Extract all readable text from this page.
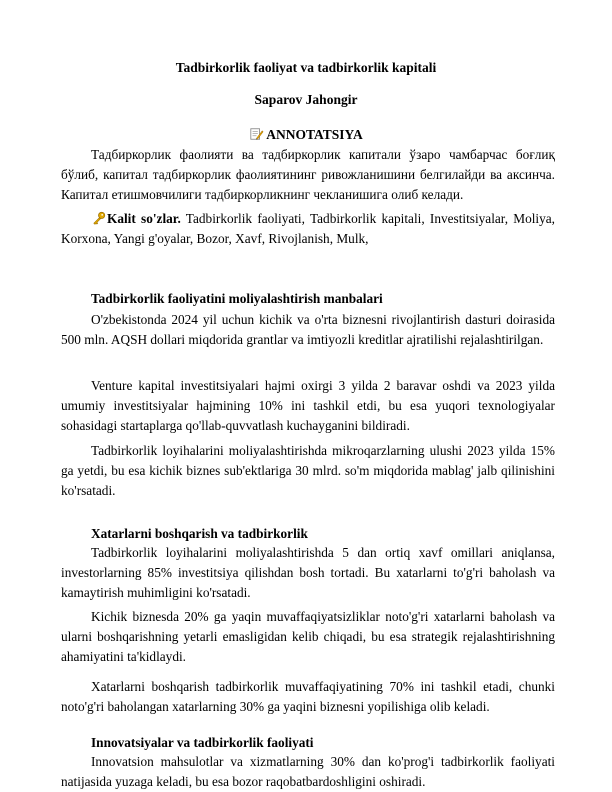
Tadbirkorlik faoliyat va tadbirkorlik kapitali
Saparov Jahongir
ANNOTATSIYA

Тадбиркорлик фаолияти ва тадбиркорлик капитали ўзаро чамбарчас боғлиқ бўлиб, капитал тадбиркорлик фаолиятининг ривожланишини белгилайди ва аксинча. Капитал етишмовчилиги тадбиркорликнинг чекланишига олиб келади.

Kalit so'zlar. Tadbirkorlik faoliyati, Tadbirkorlik kapitali, Investitsiyalar, Moliya, Korxona, Yangi g'oyalar, Bozor, Xavf, Rivojlanish, Mulk,

Tadbirkorlik faoliyatini moliyalashtirish manbalari

O'zbekistonda 2024 yil uchun kichik va o'rta biznesni rivojlantirish dasturi doirasida 500 mln. AQSH dollari miqdorida grantlar va imtiyozli kreditlar ajratilishi rejalashtirilgan.

Venture kapital investitsiyalari hajmi oxirgi 3 yilda 2 baravar oshdi va 2023 yilda umumiy investitsiyalar hajmining 10% ini tashkil etdi, bu esa yuqori texnologiyalar sohasidagi startaplarga qo'llab-quvvatlash kuchayganini bildiradi.

Tadbirkorlik loyihalarini moliyalashtirishda mikroqarzlarning ulushi 2023 yilda 15% ga yetdi, bu esa kichik biznes sub'ektlariga 30 mlrd. so'm miqdorida mablag' jalb qilinishini ko'rsatadi.

Xatarlarni boshqarish va tadbirkorlik

Tadbirkorlik loyihalarini moliyalashtirishda 5 dan ortiq xavf omillari aniqlansa, investorlarning 85% investitsiya qilishdan bosh tortadi. Bu xatarlarni to'g'ri baholash va kamaytirish muhimligini ko'rsatadi.

Kichik biznesda 20% ga yaqin muvaffaqiyatsizliklar noto'g'ri xatarlarni baholash va ularni boshqarishning yetarli emasligidan kelib chiqadi, bu esa strategik rejalashtirishning ahamiyatini ta'kidlaydi.

Xatarlarni boshqarish tadbirkorlik muvaffaqiyatining 70% ini tashkil etadi, chunki noto'g'ri baholangan xatarlarning 30% ga yaqini biznesni yopilishiga olib keladi.

Innovatsiyalar va tadbirkorlik faoliyati

Innovatsion mahsulotlar va xizmatlarning 30% dan ko'prog'i tadbirkorlik faoliyati natijasida yuzaga keladi, bu esa bozor raqobatbardoshligini oshiradi.
